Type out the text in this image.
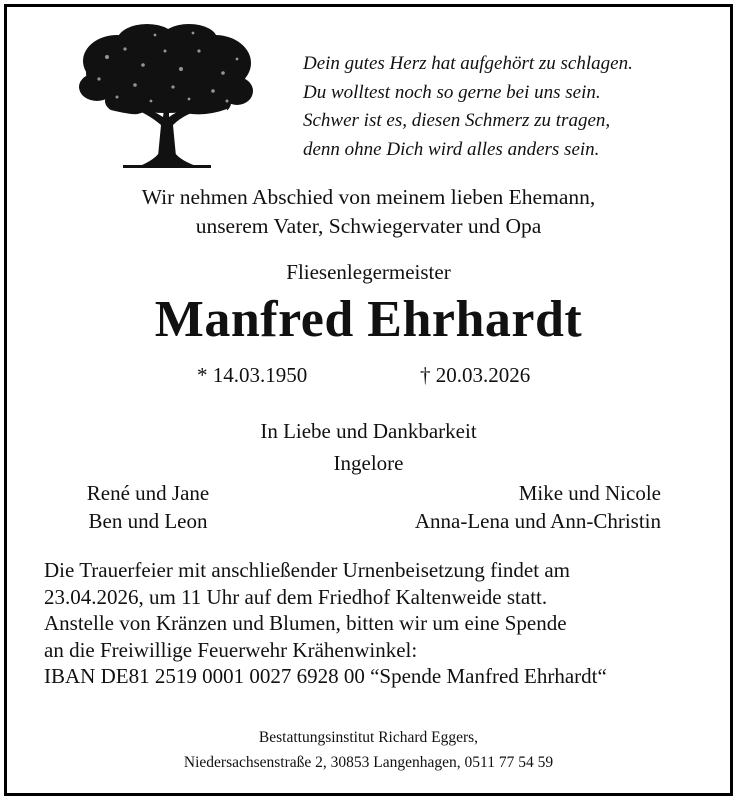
Dein gutes Herz hat aufgehört zu schlagen.
Du wolltest noch so gerne bei uns sein.
Schwer ist es, diesen Schmerz zu tragen,
denn ohne Dich wird alles anders sein.
Wir nehmen Abschied von meinem lieben Ehemann,
unserem Vater, Schwiegervater und Opa
Fliesenlegermeister
Manfred Ehrhardt
* 14.03.1950	† 20.03.2026
In Liebe und Dankbarkeit
Ingelore
René und Jane
Ben und Leon
Mike und Nicole
Anna-Lena und Ann-Christin
Die Trauerfeier mit anschließender Urnenbeisetzung findet am
23.04.2026, um 11 Uhr auf dem Friedhof Kaltenweide statt.
Anstelle von Kränzen und Blumen, bitten wir um eine Spende
an die Freiwillige Feuerwehr Krähenwinkel:
IBAN DE81 2519 0001 0027 6928 00 “Spende Manfred Ehrhardt“
Bestattungsinstitut Richard Eggers,
Niedersachsenstraße 2, 30853 Langenhagen, 0511 77 54 59
